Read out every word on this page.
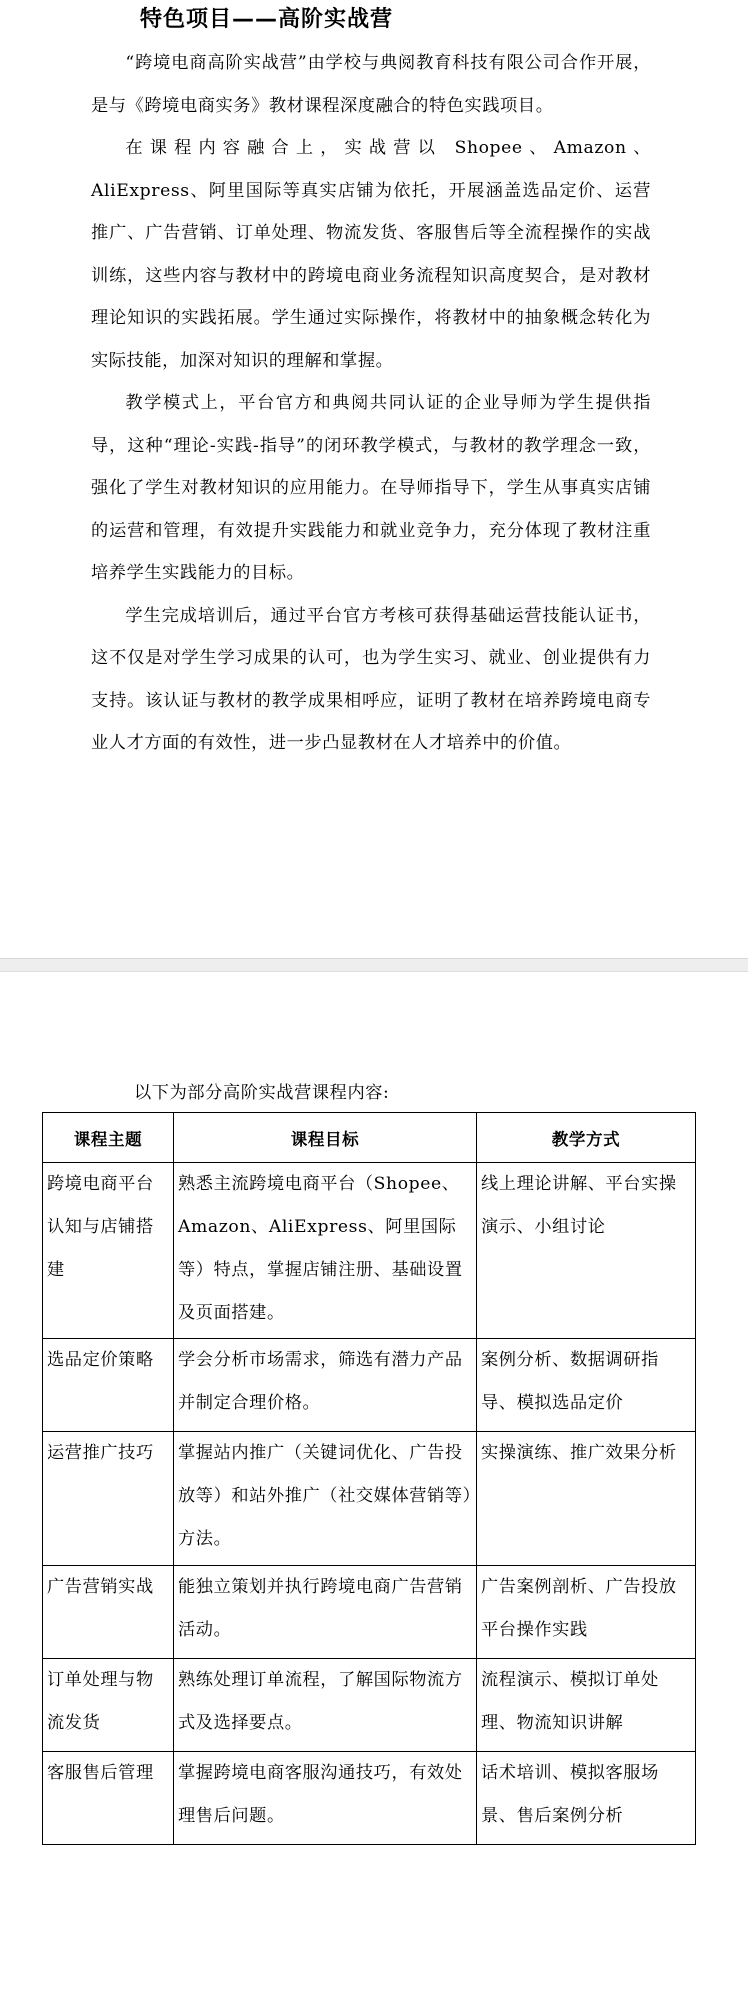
特色项目——高阶实战营

“跨境电商高阶实战营”由学校与典阅教育科技有限公司合作开展，是与《跨境电商实务》教材课程深度融合的特色实践项目。

在课程内容融合上，实战营以 Shopee、Amazon、AliExpress、阿里国际等真实店铺为依托，开展涵盖选品定价、运营推广、广告营销、订单处理、物流发货、客服售后等全流程操作的实战训练，这些内容与教材中的跨境电商业务流程知识高度契合，是对教材理论知识的实践拓展。学生通过实际操作，将教材中的抽象概念转化为实际技能，加深对知识的理解和掌握。

教学模式上，平台官方和典阅共同认证的企业导师为学生提供指导，这种“理论-实践-指导”的闭环教学模式，与教材的教学理念一致，强化了学生对教材知识的应用能力。在导师指导下，学生从事真实店铺的运营和管理，有效提升实践能力和就业竞争力，充分体现了教材注重培养学生实践能力的目标。

学生完成培训后，通过平台官方考核可获得基础运营技能认证书，这不仅是对学生学习成果的认可，也为学生实习、就业、创业提供有力支持。该认证与教材的教学成果相呼应，证明了教材在培养跨境电商专业人才方面的有效性，进一步凸显教材在人才培养中的价值。

以下为部分高阶实战营课程内容:
课程主题	课程目标	教学方式
跨境电商平台认知与店铺搭建	熟悉主流跨境电商平台（Shopee、Amazon、AliExpress、阿里国际等）特点，掌握店铺注册、基础设置及页面搭建。	线上理论讲解、平台实操演示、小组讨论
选品定价策略	学会分析市场需求，筛选有潜力产品并制定合理价格。	案例分析、数据调研指导、模拟选品定价
运营推广技巧	掌握站内推广（关键词优化、广告投放等）和站外推广（社交媒体营销等）方法。	实操演练、推广效果分析
广告营销实战	能独立策划并执行跨境电商广告营销活动。	广告案例剖析、广告投放平台操作实践
订单处理与物流发货	熟练处理订单流程，了解国际物流方式及选择要点。	流程演示、模拟订单处理、物流知识讲解
客服售后管理	掌握跨境电商客服沟通技巧，有效处理售后问题。	话术培训、模拟客服场景、售后案例分析
